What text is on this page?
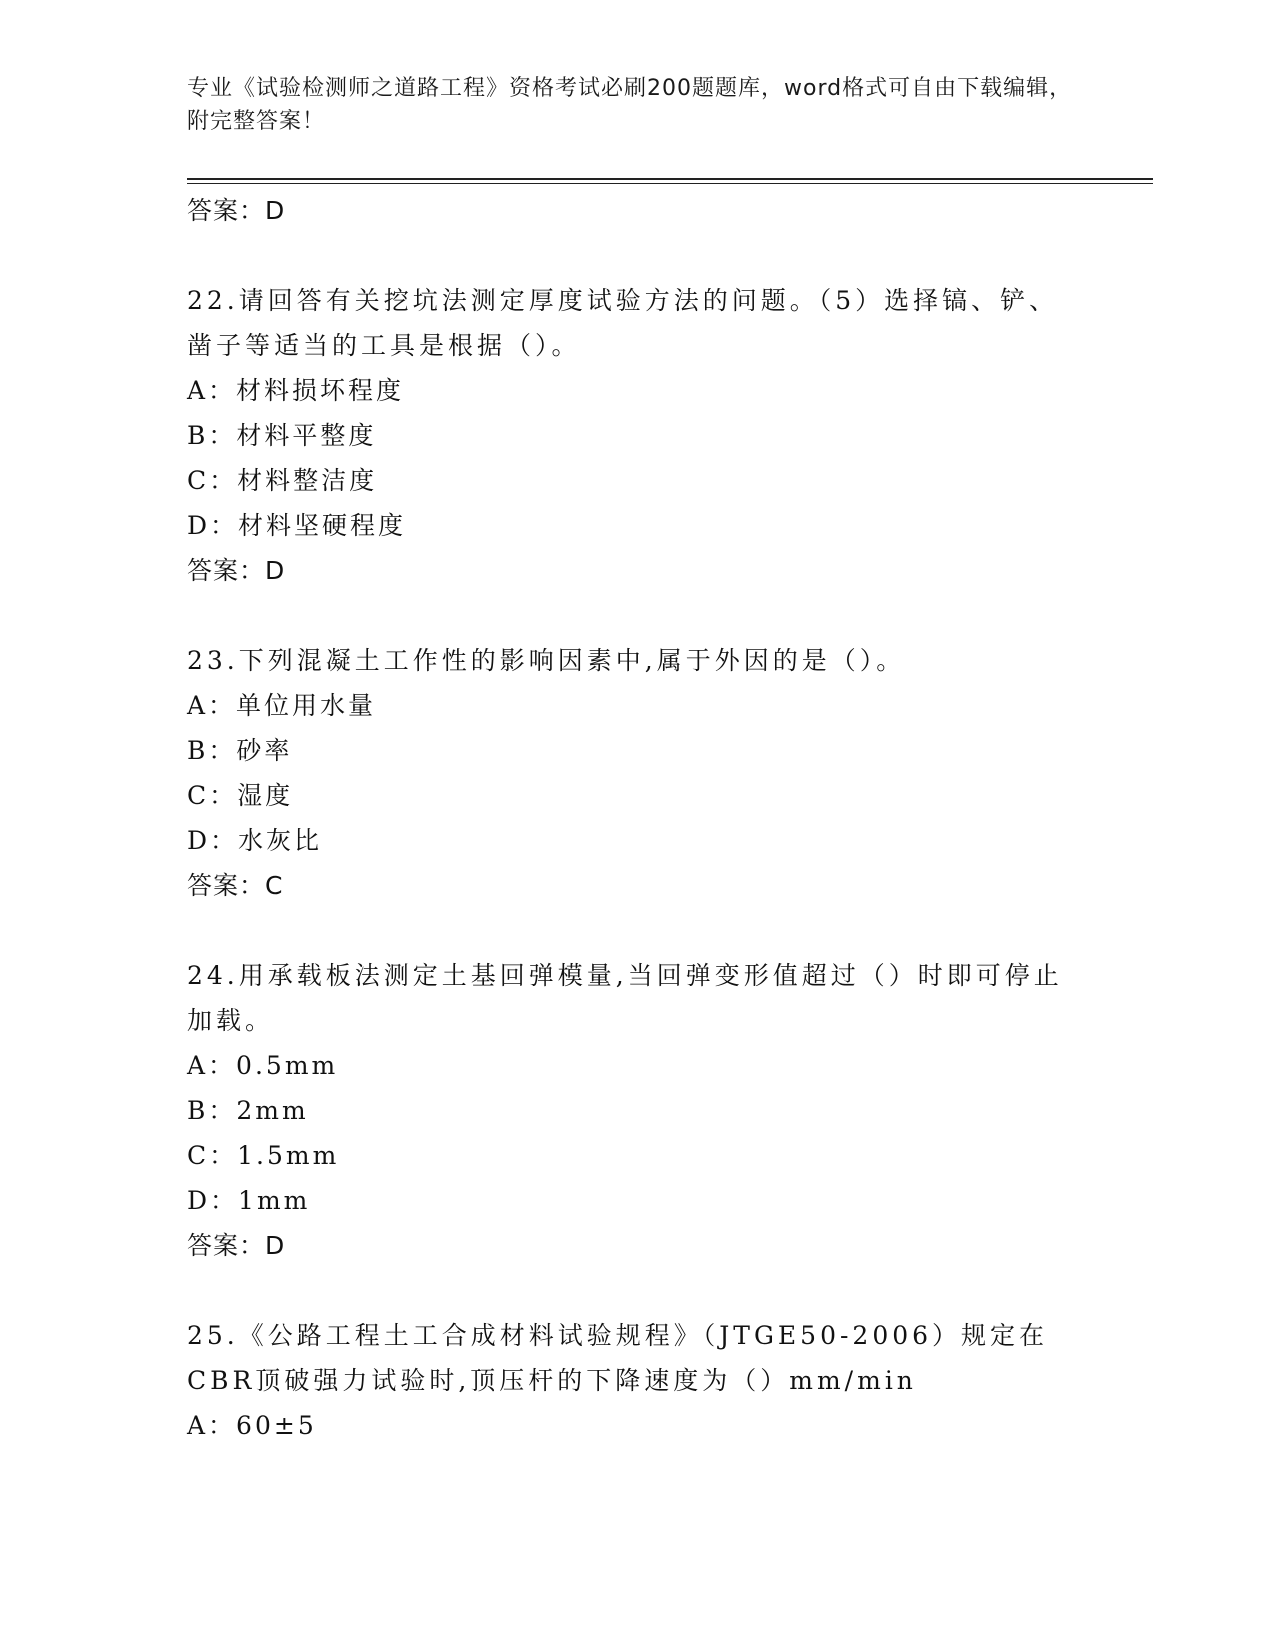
专业《试验检测师之道路工程》资格考试必刷200题题库，word格式可自由下载编辑，附完整答案！
答案：D
22.请回答有关挖坑法测定厚度试验方法的问题。（5）选择镐、铲、凿子等适当的工具是根据（）。
A：材料损坏程度
B：材料平整度
C：材料整洁度
D：材料坚硬程度
答案：D
23.下列混凝土工作性的影响因素中,属于外因的是（）。
A：单位用水量
B：砂率
C：湿度
D：水灰比
答案：C
24.用承载板法测定土基回弹模量,当回弹变形值超过（）时即可停止加载。
A：0.5mm
B：2mm
C：1.5mm
D：1mm
答案：D
25.《公路工程土工合成材料试验规程》（JTGE50-2006）规定在CBR顶破强力试验时,顶压杆的下降速度为（）mm/min
A：60±5
